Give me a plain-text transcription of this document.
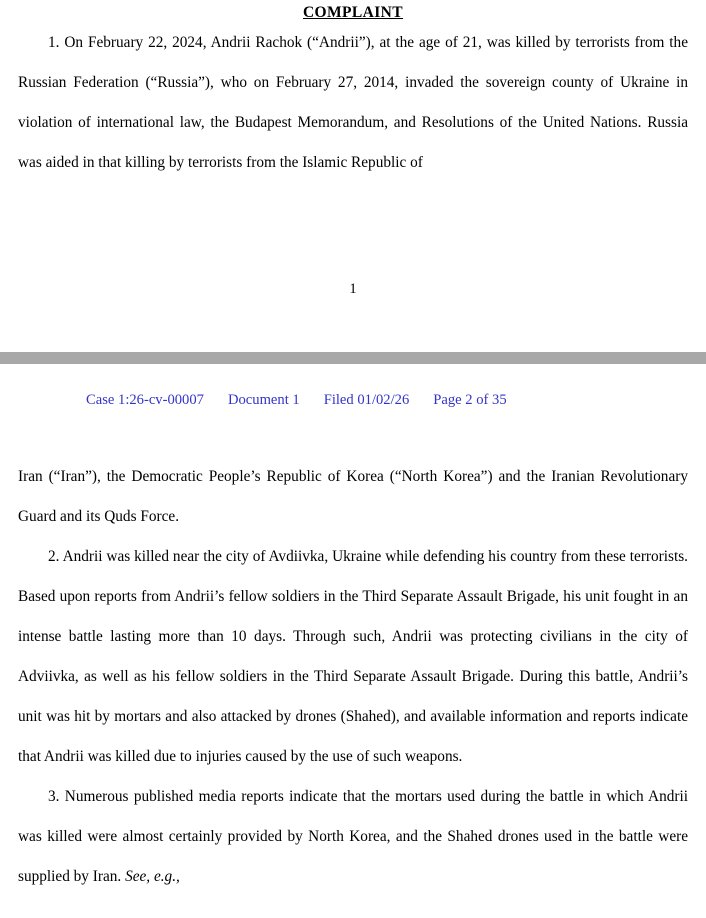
COMPLAINT

1. On February 22, 2024, Andrii Rachok (“Andrii”), at the age of 21, was killed by terrorists from the Russian Federation (“Russia”), who on February 27, 2014, invaded the sovereign county of Ukraine in violation of international law, the Budapest Memorandum, and Resolutions of the United Nations. Russia was aided in that killing by terrorists from the Islamic Republic of

1

Case 1:26-cv-00007 Document 1 Filed 01/02/26 Page 2 of 35

Iran (“Iran”), the Democratic People’s Republic of Korea (“North Korea”) and the Iranian Revolutionary Guard and its Quds Force.

2. Andrii was killed near the city of Avdiivka, Ukraine while defending his country from these terrorists. Based upon reports from Andrii’s fellow soldiers in the Third Separate Assault Brigade, his unit fought in an intense battle lasting more than 10 days. Through such, Andrii was protecting civilians in the city of Adviivka, as well as his fellow soldiers in the Third Separate Assault Brigade. During this battle, Andrii’s unit was hit by mortars and also attacked by drones (Shahed), and available information and reports indicate that Andrii was killed due to injuries caused by the use of such weapons.

3. Numerous published media reports indicate that the mortars used during the battle in which Andrii was killed were almost certainly provided by North Korea, and the Shahed drones used in the battle were supplied by Iran. See, e.g.,
